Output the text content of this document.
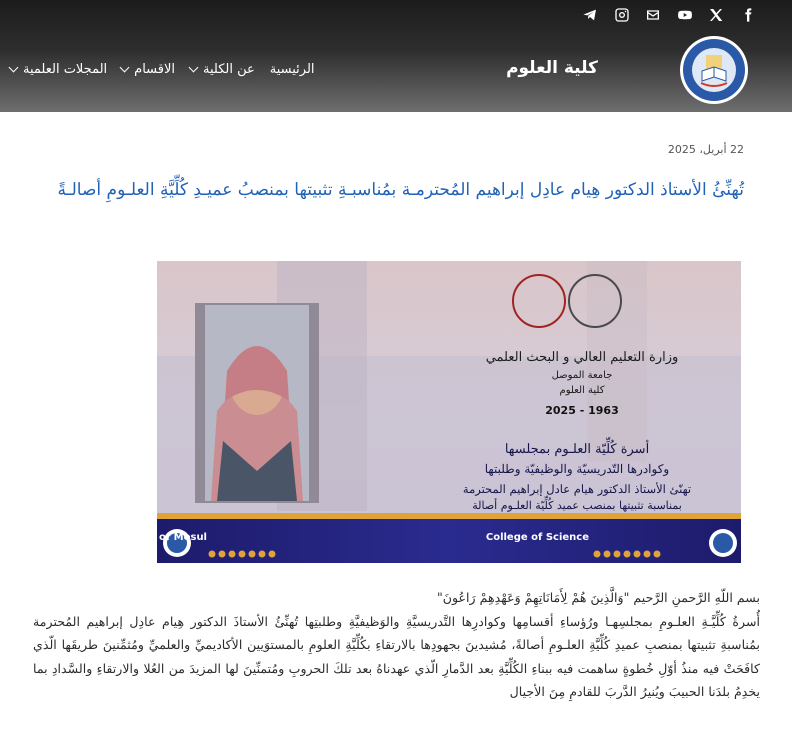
الرئيسية
عن الكلية
الاقسام
المجلات العلمية	كلية العلوم
22 أبريل، 2025
تُهنِّئُ الأستاذ الدكتور هِيام عادِل إبراهيم المُحترمـة بمُناسبـةِ تثبيتها بمنصبُ عميـدِ كُلِّيَّةِ العلـومِ أصالـةً
وزارة التعليم العالي و البحث العلمي
جامعة الموصل
كلية العلوم
1963 - 2025
أسرة كُلِّيّة العلـوم بمجلسها
وكوادرها التّدريسيّة والوظيفيّة وطلبتها
تهنّئ الأستاذ الدكتور هيام عادل إبراهيم المحترمة
بمناسبة تثبيتها بمنصب عميد كُلِّيّة العلـوم أصالة
University of Mosul	College of Science

بسم اللّهِ الرَّحمنِ الرَّحيم "وَالَّذِينَ هُمْ لِأَمَانَاتِهِمْ وَعَهْدِهِمْ رَاعُونَ"

أُسرةُ كُلِّيَّـةِ العلـومِ بمجلسِهـا ورُؤساءِ أقسامِها وكوادرِها التَّدريسيَّةِ والوَظيفيَّةِ وطلبتِها تُهنِّئُ الأستاذَ الدكتور هِيام عادِل إبراهيم المُحترمة بمُناسبةِ تثبيتها بمنصبِ عميدِ كُلِّيَّةِ العلـومِ أصالةً، مُشيدينَ بجهودِها بالارتقاءِ بكُلِّيَّةِ العلومِ بالمستوَيين الأكاديميِّ والعلميِّ ومُثمِّنينَ طريقَها الّذي كافَحَتْ فيه منذُ أوّلِ خُطوةٍ ساهمت فيه ببناءِ الكُلِّيَّةِ بعد الدَّمارِ الّذي عهدناهُ بعد تلكَ الحروبِ ومُتمنِّينَ لها المزيدَ من العُلا والارتقاءِ والسَّدادِ بما يخدِمُ بلدَنا الحبيبَ ويُنيرُ الدَّربَ للقادمِ مِنَ الأجيال
